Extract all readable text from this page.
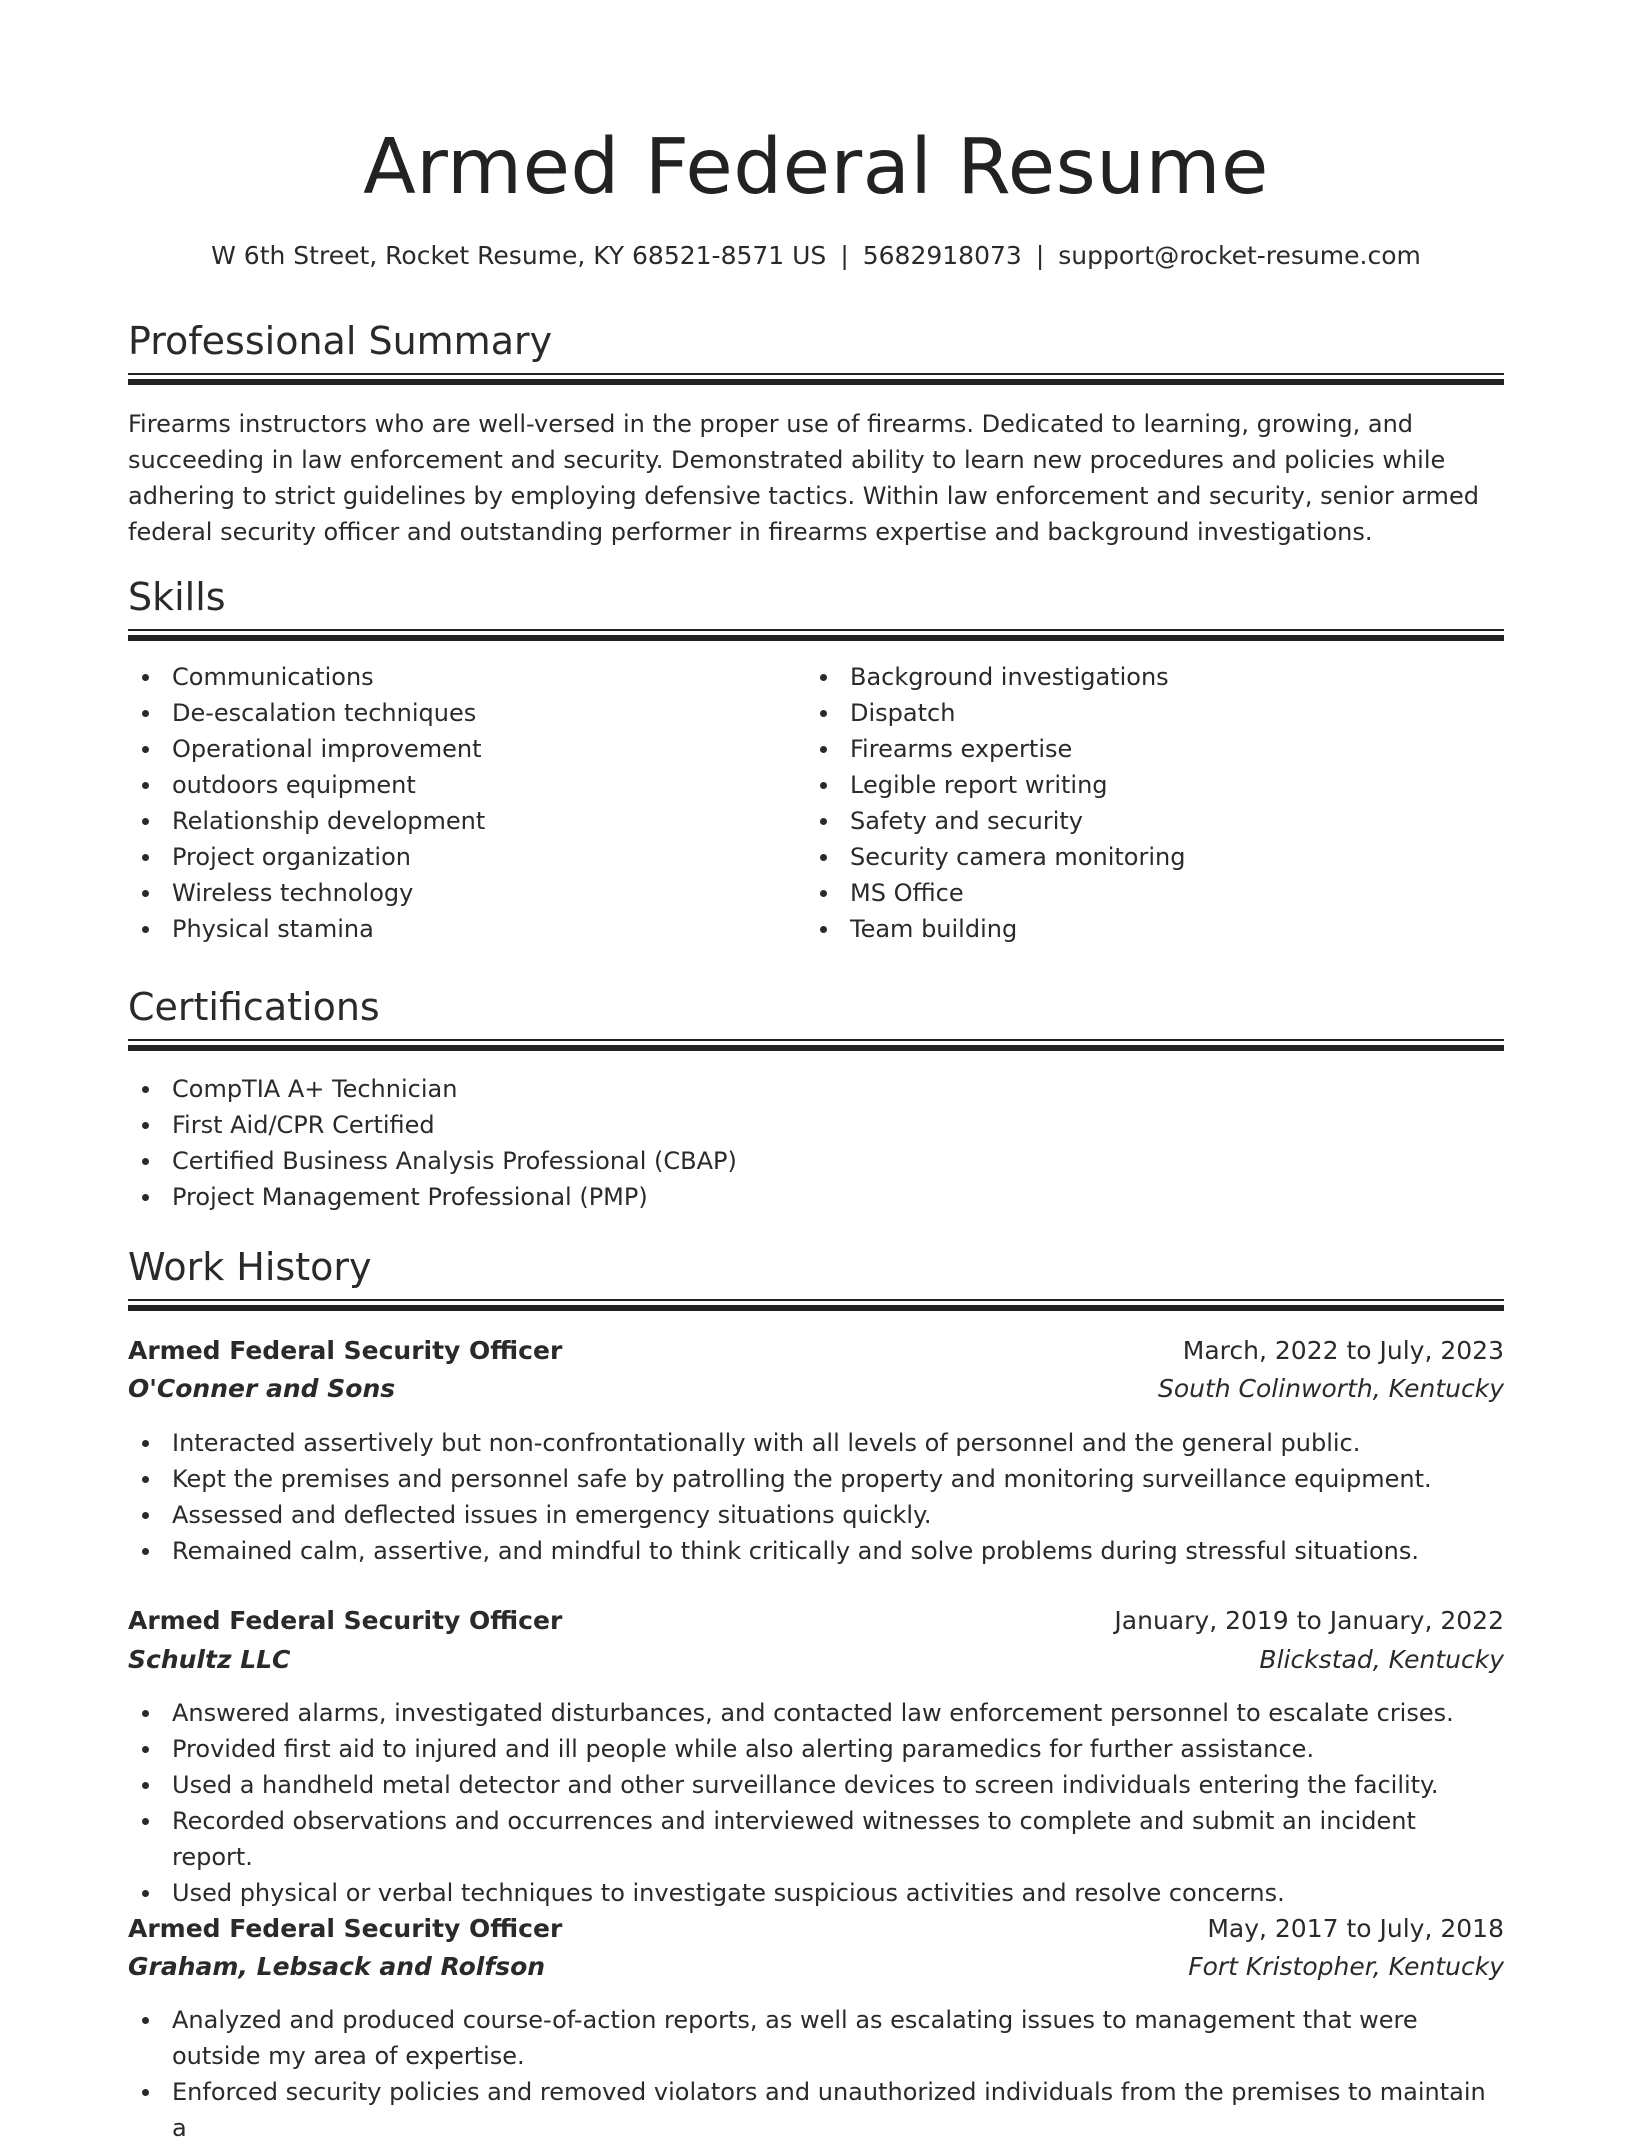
Armed Federal Resume
W 6th Street, Rocket Resume, KY 68521-8571 US | 5682918073 | support@rocket-resume.com
Professional Summary

Firearms instructors who are well-versed in the proper use of firearms. Dedicated to learning, growing, and succeeding in law enforcement and security. Demonstrated ability to learn new procedures and policies while adhering to strict guidelines by employing defensive tactics. Within law enforcement and security, senior armed federal security officer and outstanding performer in firearms expertise and background investigations.

Skills
Communications
De-escalation techniques
Operational improvement
outdoors equipment
Relationship development
Project organization
Wireless technology
Physical stamina
Background investigations
Dispatch
Firearms expertise
Legible report writing
Safety and security
Security camera monitoring
MS Office
Team building
Certifications
CompTIA A+ Technician
First Aid/CPR Certified
Certified Business Analysis Professional (CBAP)
Project Management Professional (PMP)
Work History
Armed Federal Security Officer	March, 2022 to July, 2023
O'Conner and Sons	South Colinworth, Kentucky
Interacted assertively but non-confrontationally with all levels of personnel and the general public.
Kept the premises and personnel safe by patrolling the property and monitoring surveillance equipment.
Assessed and deflected issues in emergency situations quickly.
Remained calm, assertive, and mindful to think critically and solve problems during stressful situations.
Armed Federal Security Officer	January, 2019 to January, 2022
Schultz LLC	Blickstad, Kentucky
Answered alarms, investigated disturbances, and contacted law enforcement personnel to escalate crises.
Provided first aid to injured and ill people while also alerting paramedics for further assistance.
Used a handheld metal detector and other surveillance devices to screen individuals entering the facility.
Recorded observations and occurrences and interviewed witnesses to complete and submit an incident report.
Used physical or verbal techniques to investigate suspicious activities and resolve concerns.
Armed Federal Security Officer	May, 2017 to July, 2018
Graham, Lebsack and Rolfson	Fort Kristopher, Kentucky
Analyzed and produced course-of-action reports, as well as escalating issues to management that were outside my area of expertise.
Enforced security policies and removed violators and unauthorized individuals from the premises to maintain a
